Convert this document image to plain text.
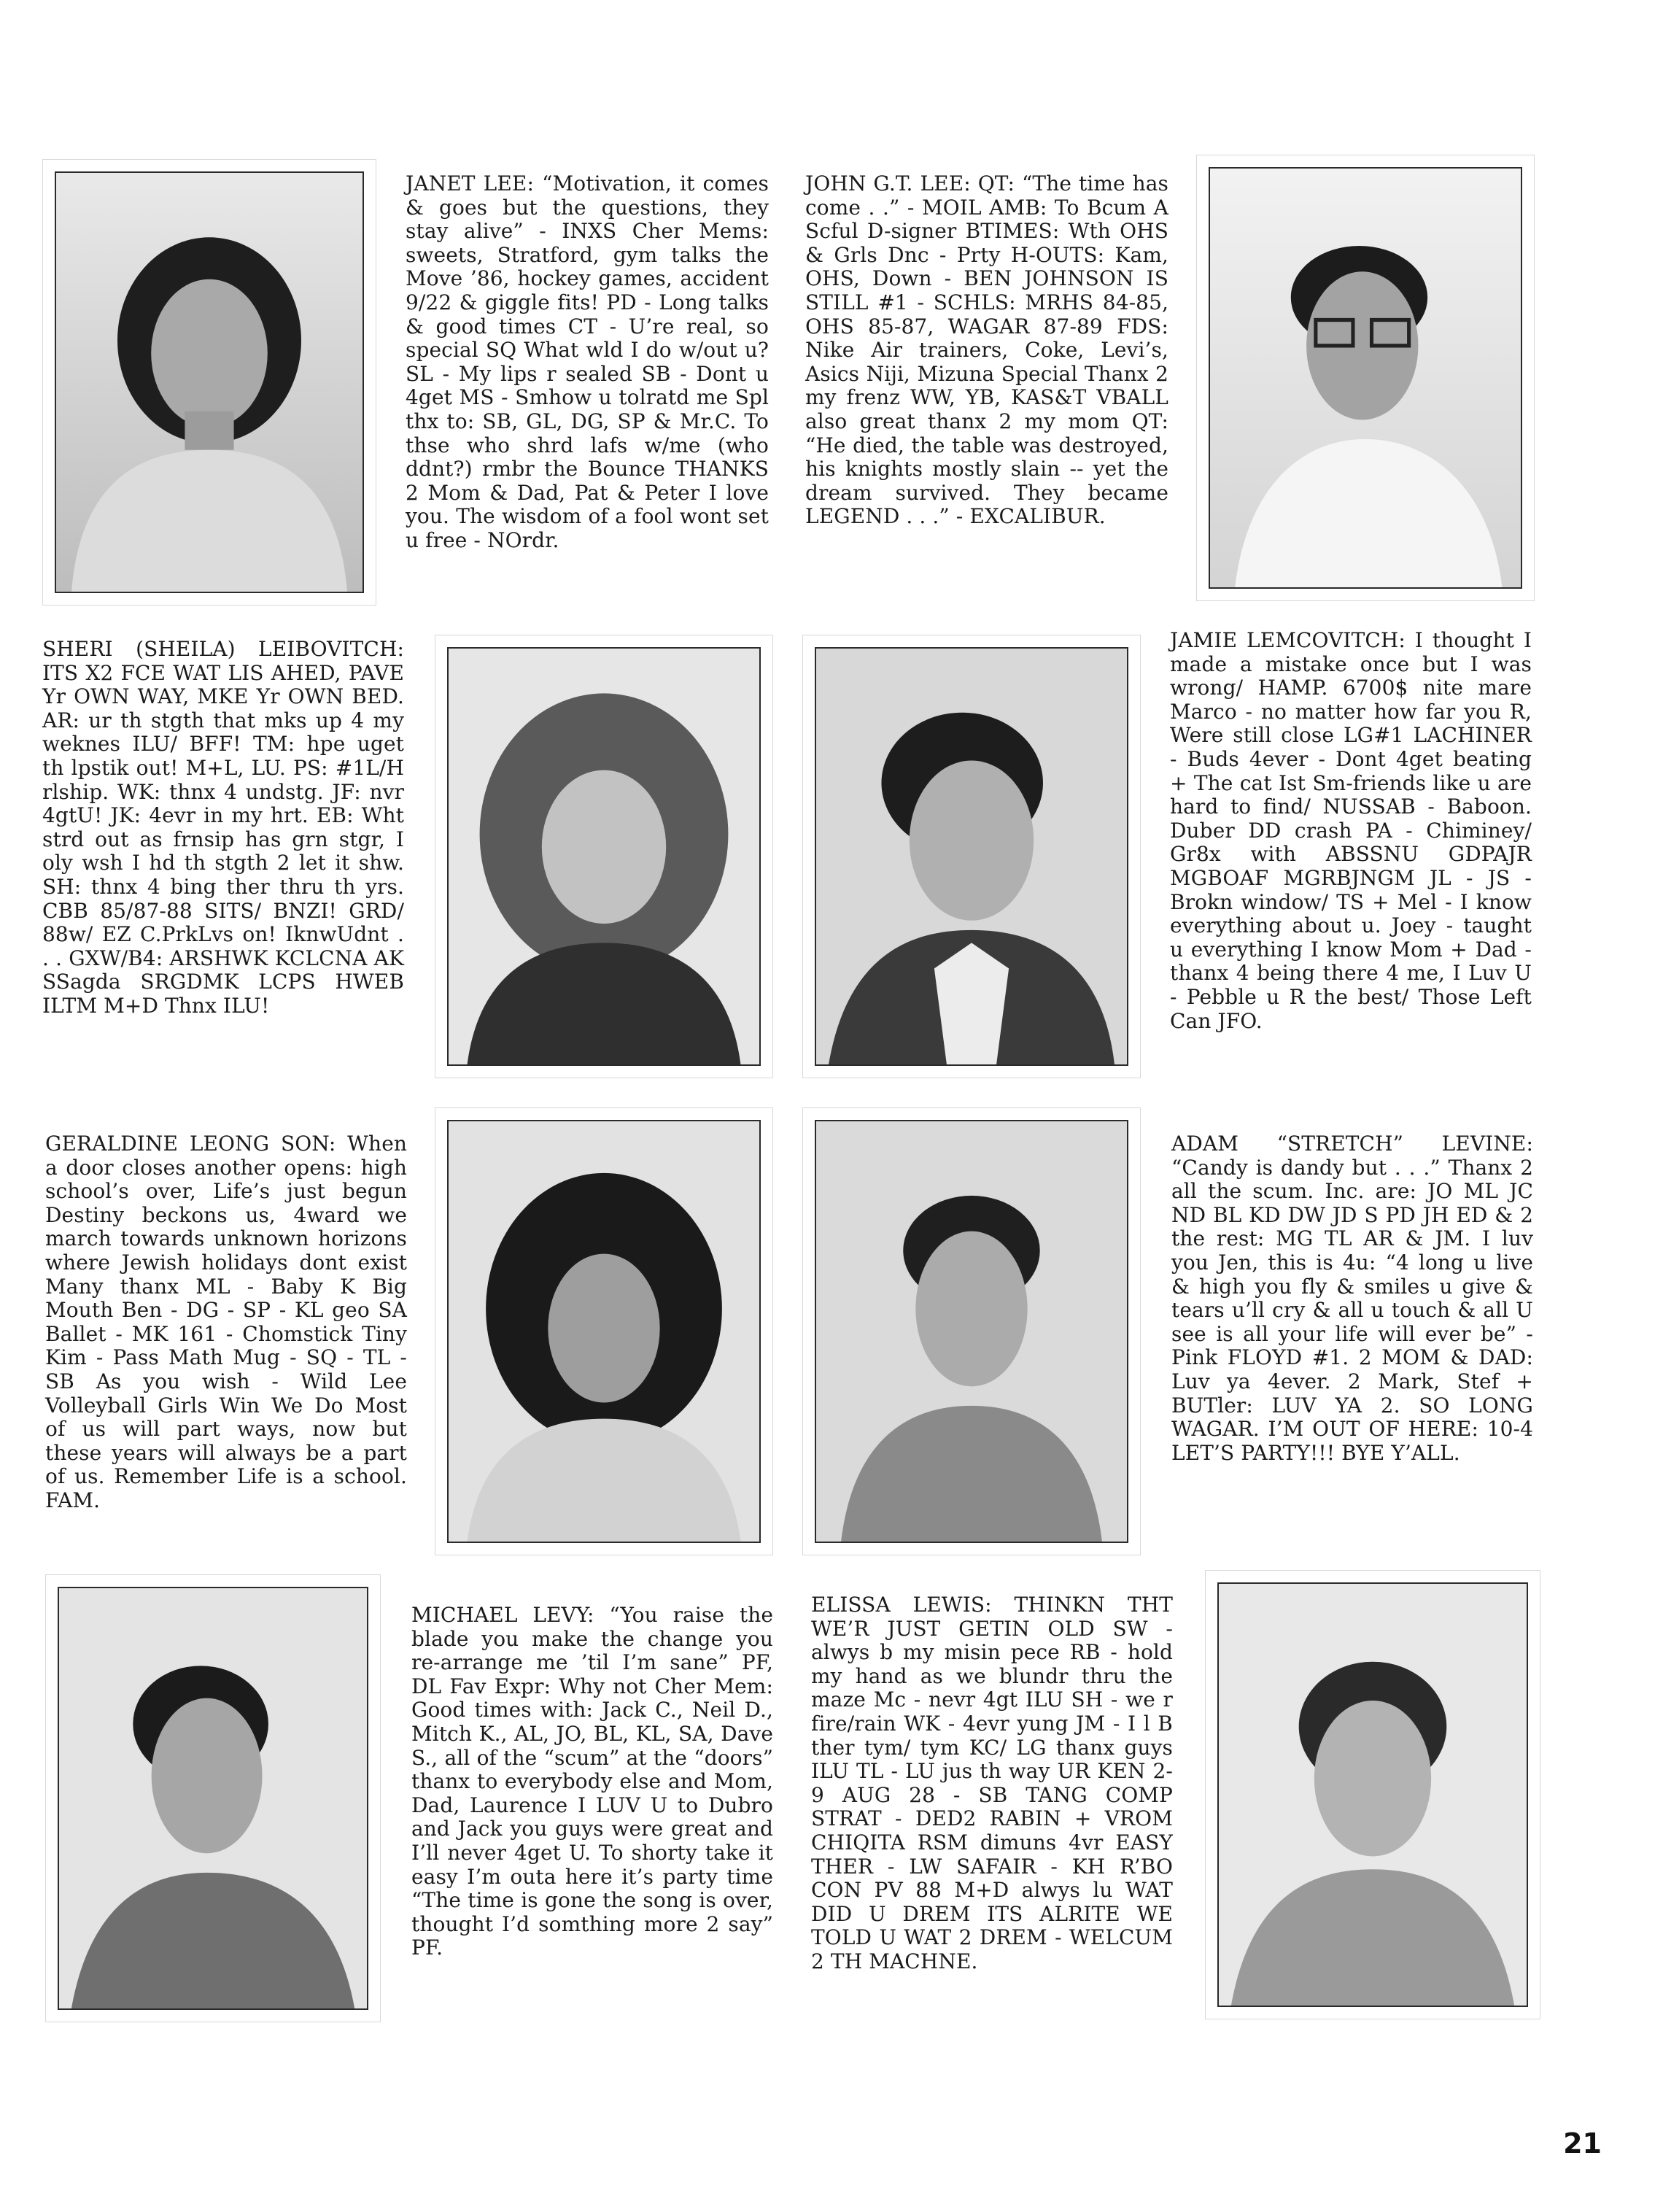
JANET LEE: “Motivation, it comes & goes but the questions, they stay alive” - INXS Cher Mems: sweets, Stratford, gym talks the Move ’86, hockey games, accident 9/22 & giggle fits! PD - Long talks & good times CT - U’re real, so special SQ What wld I do w/out u? SL - My lips r sealed SB - Dont u 4get MS - Smhow u tolratd me Spl thx to: SB, GL, DG, SP & Mr.C. To thse who shrd lafs w/me (who ddnt?) rmbr the Bounce THANKS 2 Mom & Dad, Pat & Peter I love you. The wisdom of a fool wont set u free - NOrdr.
JOHN G.T. LEE: QT: “The time has come . .” - MOIL AMB: To Bcum A Scful D-signer BTIMES: Wth OHS & Grls Dnc - Prty H-OUTS: Kam, OHS, Down - BEN JOHNSON IS STILL #1 - SCHLS: MRHS 84-85, OHS 85-87, WAGAR 87-89 FDS: Nike Air trainers, Coke, Levi’s, Asics Niji, Mizuna Special Thanx 2 my frenz WW, YB, KAS&T VBALL also great thanx 2 my mom QT: “He died, the table was destroyed, his knights mostly slain -- yet the dream survived. They became LEGEND . . .” - EXCALIBUR.
SHERI (SHEILA) LEIBOVITCH: ITS X2 FCE WAT LIS AHED, PAVE Yr OWN WAY, MKE Yr OWN BED. AR: ur th stgth that mks up 4 my weknes ILU/ BFF! TM: hpe uget th lpstik out! M+L, LU. PS: #1L/H rlship. WK: thnx 4 undstg. JF: nvr 4gtU! JK: 4evr in my hrt. EB: Wht strd out as frnsip has grn stgr, I oly wsh I hd th stgth 2 let it shw. SH: thnx 4 bing ther thru th yrs. CBB 85/87-88 SITS/ BNZI! GRD/ 88w/ EZ C.PrkLvs on! IknwUdnt . . . GXW/B4: ARSHWK KCLCNA AK SSagda SRGDMK LCPS HWEB ILTM M+D Thnx ILU!
JAMIE LEMCOVITCH: I thought I made a mistake once but I was wrong/ HAMP. 6700$ nite mare Marco - no matter how far you R, Were still close LG#1 LACHINER - Buds 4ever - Dont 4get beating + The cat Ist Sm-friends like u are hard to find/ NUSSAB - Baboon. Duber DD crash PA - Chiminey/ Gr8x with ABSSNU GDPAJR MGBOAF MGRBJNGM JL - JS - Brokn window/ TS + Mel - I know everything about u. Joey - taught u everything I know Mom + Dad - thanx 4 being there 4 me, I Luv U - Pebble u R the best/ Those Left Can JFO.
GERALDINE LEONG SON: When a door closes another opens: high school’s over, Life’s just begun Destiny beckons us, 4ward we march towards unknown horizons where Jewish holidays dont exist Many thanx ML - Baby K Big Mouth Ben - DG - SP - KL geo SA Ballet - MK 161 - Chomstick Tiny Kim - Pass Math Mug - SQ - TL - SB As you wish - Wild Lee Volleyball Girls Win We Do Most of us will part ways, now but these years will always be a part of us. Remember Life is a school. FAM.
ADAM “STRETCH” LEVINE: “Candy is dandy but . . .” Thanx 2 all the scum. Inc. are: JO ML JC ND BL KD DW JD S PD JH ED & 2 the rest: MG TL AR & JM. I luv you Jen, this is 4u: “4 long u live & high you fly & smiles u give & tears u’ll cry & all u touch & all U see is all your life will ever be” - Pink FLOYD #1. 2 MOM & DAD: Luv ya 4ever. 2 Mark, Stef + BUTler: LUV YA 2. SO LONG WAGAR. I’M OUT OF HERE: 10-4 LET’S PARTY!!! BYE Y’ALL.
MICHAEL LEVY: “You raise the blade you make the change you re-arrange me ’til I’m sane” PF, DL Fav Expr: Why not Cher Mem: Good times with: Jack C., Neil D., Mitch K., AL, JO, BL, KL, SA, Dave S., all of the “scum” at the “doors” thanx to everybody else and Mom, Dad, Laurence I LUV U to Dubro and Jack you guys were great and I’ll never 4get U. To shorty take it easy I’m outa here it’s party time “The time is gone the song is over, thought I’d somthing more 2 say” PF.
ELISSA LEWIS: THINKN THT WE’R JUST GETIN OLD SW - alwys b my misin pece RB - hold my hand as we blundr thru the maze Mc - nevr 4gt ILU SH - we r fire/rain WK - 4evr yung JM - I l B ther tym/ tym KC/ LG thanx guys ILU TL - LU jus th way UR KEN 2-9 AUG 28 - SB TANG COMP STRAT - DED2 RABIN + VROM CHIQITA RSM dimuns 4vr EASY THER - LW SAFAIR - KH R’BO CON PV 88 M+D alwys lu WAT DID U DREM ITS ALRITE WE TOLD U WAT 2 DREM - WELCUM 2 TH MACHNE.
21
